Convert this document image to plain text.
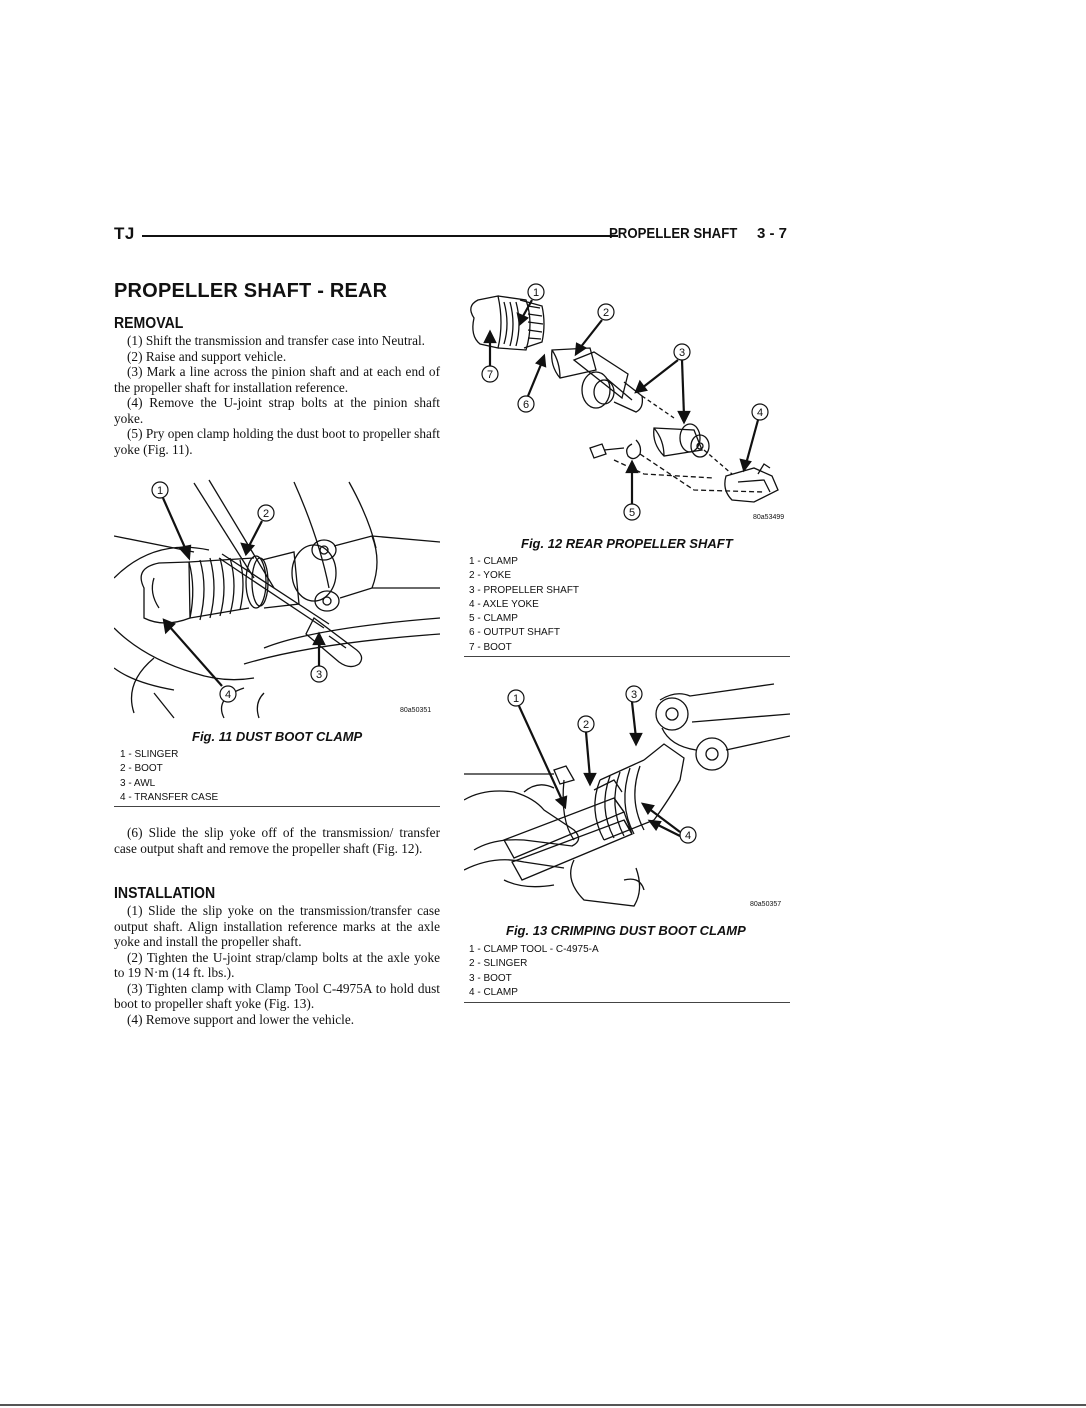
TJ	PROPELLER SHAFT 3 - 7
PROPELLER SHAFT - REAR
REMOVAL
(1) Shift the transmission and transfer case into Neutral.
(2) Raise and support vehicle.
(3) Mark a line across the pinion shaft and at each end of the propeller shaft for installation reference.
(4) Remove the U-joint strap bolts at the pinion shaft yoke.
(5) Pry open clamp holding the dust boot to propeller shaft yoke (Fig. 11).
1
2
3
4
80a50351
Fig. 11 DUST BOOT CLAMP
1 - SLINGER
2 - BOOT
3 - AWL
4 - TRANSFER CASE

(6) Slide the slip yoke off of the transmission/ transfer case output shaft and remove the propeller shaft (Fig. 12).

INSTALLATION
(1) Slide the slip yoke on the transmission/transfer case output shaft. Align installation reference marks at the axle yoke and install the propeller shaft.
(2) Tighten the U-joint strap/clamp bolts at the axle yoke to 19 N·m (14 ft. lbs.).
(3) Tighten clamp with Clamp Tool C-4975A to hold dust boot to propeller shaft yoke (Fig. 13).
(4) Remove support and lower the vehicle.
1
2
3
4
5
6
7
80a53499
Fig. 12 REAR PROPELLER SHAFT
1 - CLAMP
2 - YOKE
3 - PROPELLER SHAFT
4 - AXLE YOKE
5 - CLAMP
6 - OUTPUT SHAFT
7 - BOOT
1
2
3
4
80a50357
Fig. 13 CRIMPING DUST BOOT CLAMP
1 - CLAMP TOOL - C-4975-A
2 - SLINGER
3 - BOOT
4 - CLAMP
